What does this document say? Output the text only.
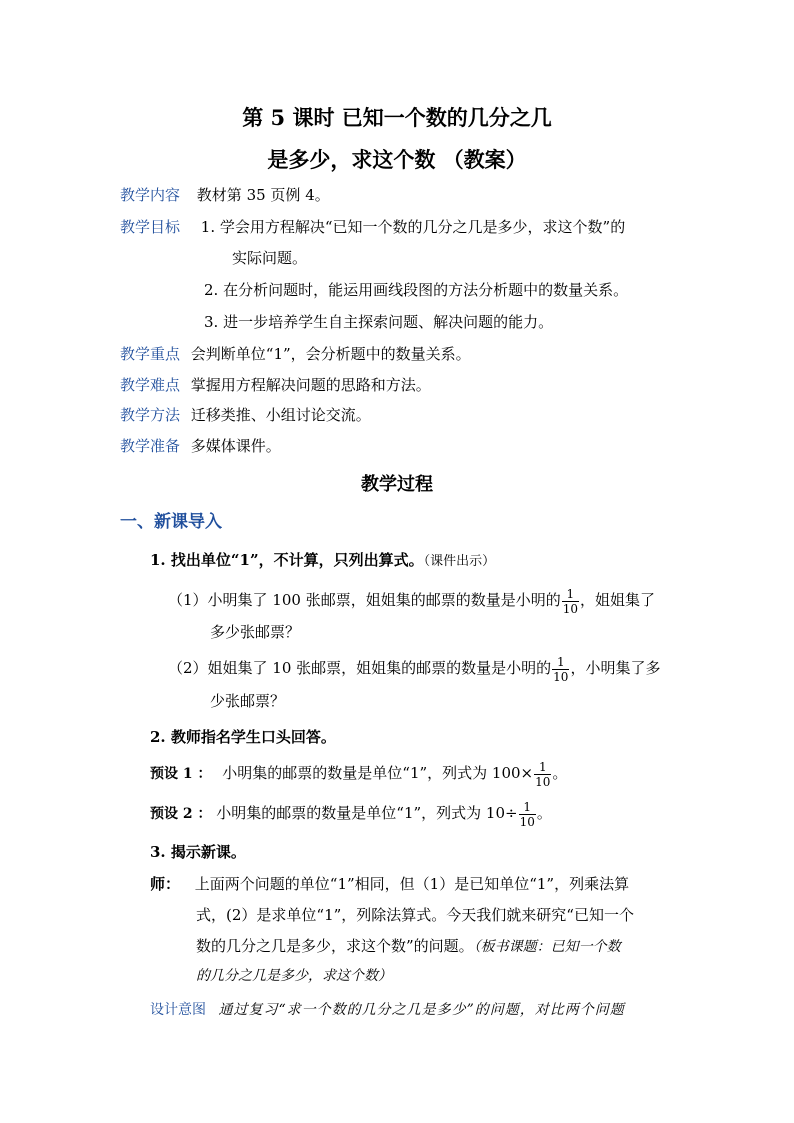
第 5 课时 已知一个数的几分之几
是多少，求这个数 （教案）
教学内容 教材第 35 页例 4。
教学目标 1. 学会用方程解决“已知一个数的几分之几是多少，求这个数”的
实际问题。
2. 在分析问题时，能运用画线段图的方法分析题中的数量关系。
3. 进一步培养学生自主探索问题、解决问题的能力。
教学重点 会判断单位“1”，会分析题中的数量关系。
教学难点 掌握用方程解决问题的思路和方法。
教学方法 迁移类推、小组讨论交流。
教学准备 多媒体课件。
教学过程
一、新课导入
1. 找出单位“1”，不计算，只列出算式。（课件出示）
（1）小明集了 100 张邮票，姐姐集的邮票的数量是小明的 $\frac{1}{10}$ ，姐姐集了
多少张邮票？
（2）姐姐集了 10 张邮票，姐姐集的邮票的数量是小明的 $\frac{1}{10}$ ，小明集了多
少张邮票？
2. 教师指名学生口头回答。
预设 1 ： 小明集的邮票的数量是单位“1”，列式为 $100\times \frac{1}{10}$ 。
预设 2 ： 小明集的邮票的数量是单位“1”，列式为 $10\div \frac{1}{10}$ 。
3. 揭示新课。
师： 上面两个问题的单位“1”相同，但（1）是已知单位“1”，列乘法算
式，(2）是求单位“1”，列除法算式。今天我们就来研究“已知一个
数的几分之几是多少，求这个数”的问题。（板书课题：已知一个数
的几分之几是多少，求这个数）
设计意图 通过复习“求一个数的几分之几是多少”的问题，对比两个问题
